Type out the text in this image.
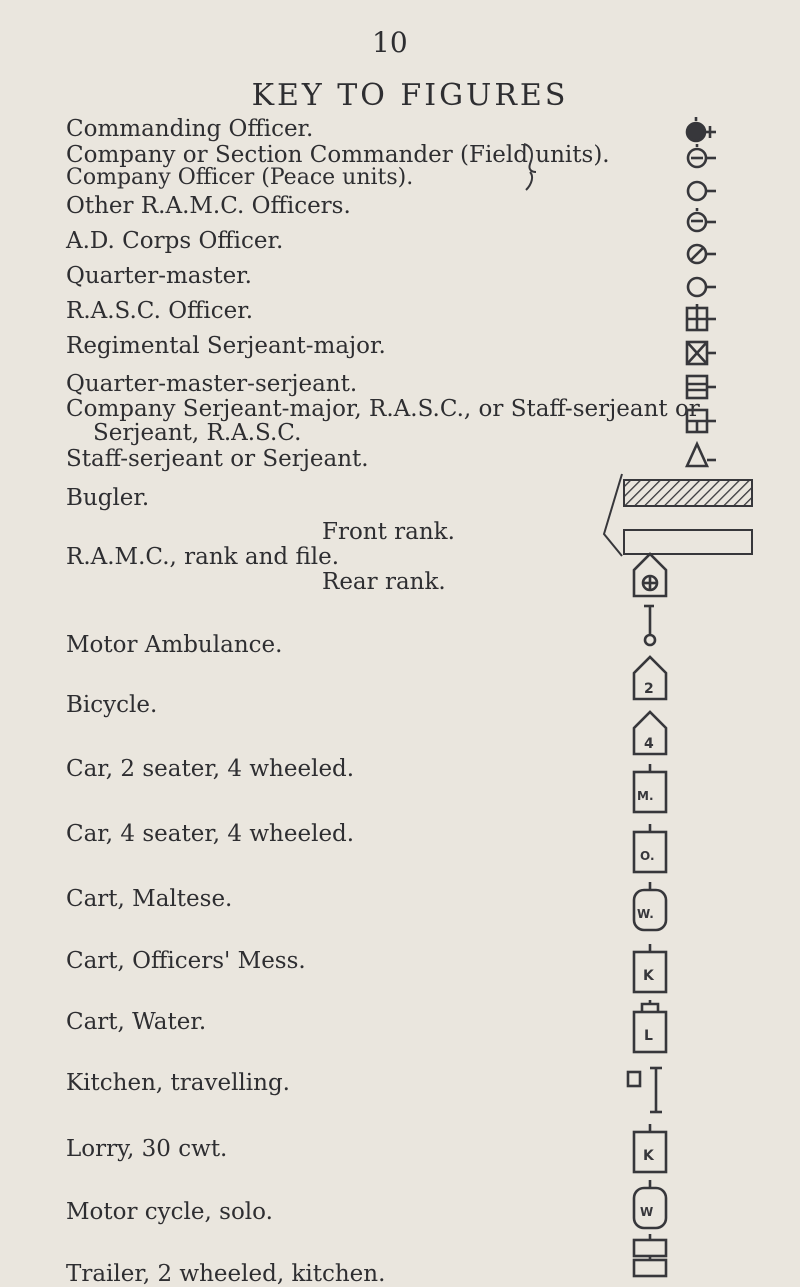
10
KEY TO FIGURES
Commanding Officer.
Company or Section Commander (Field units).
Company Officer (Peace units).
Other R.A.M.C. Officers.
A.D. Corps Officer.
Quarter-master.
R.A.S.C. Officer.
Regimental Serjeant-major.
Quarter-master-serjeant.
Company Serjeant-major, R.A.S.C., or Staff-serjeant or
Serjeant, R.A.S.C.
Staff-serjeant or Serjeant.
Bugler.
Front rank.
R.A.M.C., rank and file.
Rear rank.
Motor Ambulance.
Bicycle.
Car, 2 seater, 4 wheeled.
Car, 4 seater, 4 wheeled.
Cart, Maltese.
Cart, Officers' Mess.
Cart, Water.
Kitchen, travelling.
Lorry, 30 cwt.
Motor cycle, solo.
Trailer, 2 wheeled, kitchen.
2
4
M.
O.
W.
K
L
K
W
